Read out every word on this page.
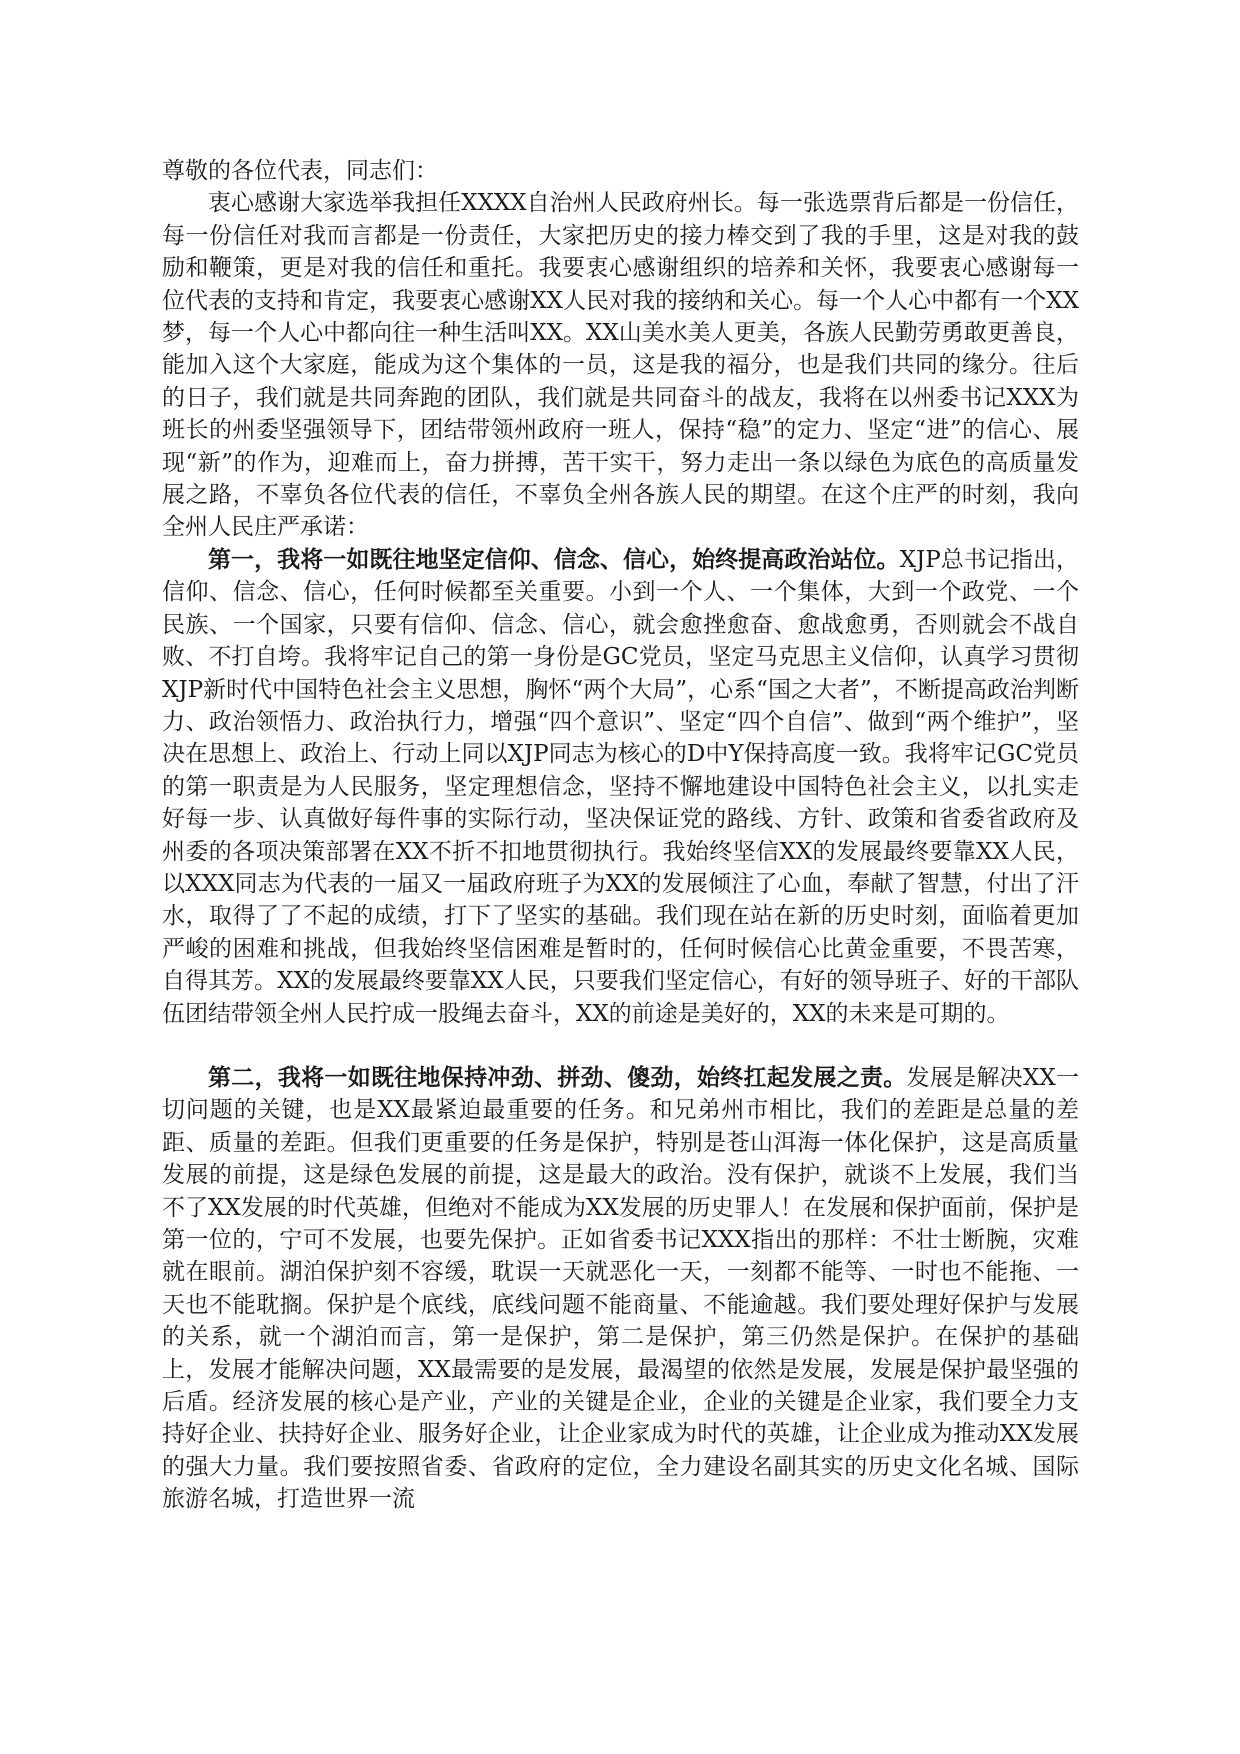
尊敬的各位代表，同志们：

衷心感谢大家选举我担任XXXX自治州人民政府州长。每一张选票背后都是一份信任，每一份信任对我而言都是一份责任，大家把历史的接力棒交到了我的手里，这是对我的鼓励和鞭策，更是对我的信任和重托。我要衷心感谢组织的培养和关怀，我要衷心感谢每一位代表的支持和肯定，我要衷心感谢XX人民对我的接纳和关心。每一个人心中都有一个XX梦，每一个人心中都向往一种生活叫XX。XX山美水美人更美，各族人民勤劳勇敢更善良，能加入这个大家庭，能成为这个集体的一员，这是我的福分，也是我们共同的缘分。往后的日子，我们就是共同奔跑的团队，我们就是共同奋斗的战友，我将在以州委书记XXX为班长的州委坚强领导下，团结带领州政府一班人，保持“稳”的定力、坚定“进”的信心、展现“新”的作为，迎难而上，奋力拼搏，苦干实干，努力走出一条以绿色为底色的高质量发展之路，不辜负各位代表的信任，不辜负全州各族人民的期望。在这个庄严的时刻，我向全州人民庄严承诺：

第一，我将一如既往地坚定信仰、信念、信心，始终提高政治站位。XJP总书记指出，信仰、信念、信心，任何时候都至关重要。小到一个人、一个集体，大到一个政党、一个民族、一个国家，只要有信仰、信念、信心，就会愈挫愈奋、愈战愈勇，否则就会不战自败、不打自垮。我将牢记自己的第一身份是GC党员，坚定马克思主义信仰，认真学习贯彻XJP新时代中国特色社会主义思想，胸怀“两个大局”，心系“国之大者”，不断提高政治判断力、政治领悟力、政治执行力，增强“四个意识”、坚定“四个自信”、做到“两个维护”，坚决在思想上、政治上、行动上同以XJP同志为核心的D中Y保持高度一致。我将牢记GC党员的第一职责是为人民服务，坚定理想信念，坚持不懈地建设中国特色社会主义，以扎实走好每一步、认真做好每件事的实际行动，坚决保证党的路线、方针、政策和省委省政府及州委的各项决策部署在XX不折不扣地贯彻执行。我始终坚信XX的发展最终要靠XX人民，以XXX同志为代表的一届又一届政府班子为XX的发展倾注了心血，奉献了智慧，付出了汗水，取得了了不起的成绩，打下了坚实的基础。我们现在站在新的历史时刻，面临着更加严峻的困难和挑战，但我始终坚信困难是暂时的，任何时候信心比黄金重要，不畏苦寒，自得其芳。XX的发展最终要靠XX人民，只要我们坚定信心，有好的领导班子、好的干部队伍团结带领全州人民拧成一股绳去奋斗，XX的前途是美好的，XX的未来是可期的。

第二，我将一如既往地保持冲劲、拼劲、傻劲，始终扛起发展之责。发展是解决XX一切问题的关键，也是XX最紧迫最重要的任务。和兄弟州市相比，我们的差距是总量的差距、质量的差距。但我们更重要的任务是保护，特别是苍山洱海一体化保护，这是高质量发展的前提，这是绿色发展的前提，这是最大的政治。没有保护，就谈不上发展，我们当不了XX发展的时代英雄，但绝对不能成为XX发展的历史罪人！在发展和保护面前，保护是第一位的，宁可不发展，也要先保护。正如省委书记XXX指出的那样：不壮士断腕，灾难就在眼前。湖泊保护刻不容缓，耽误一天就恶化一天，一刻都不能等、一时也不能拖、一天也不能耽搁。保护是个底线，底线问题不能商量、不能逾越。我们要处理好保护与发展的关系，就一个湖泊而言，第一是保护，第二是保护，第三仍然是保护。在保护的基础上，发展才能解决问题，XX最需要的是发展，最渴望的依然是发展，发展是保护最坚强的后盾。经济发展的核心是产业，产业的关键是企业，企业的关键是企业家，我们要全力支持好企业、扶持好企业、服务好企业，让企业家成为时代的英雄，让企业成为推动XX发展的强大力量。我们要按照省委、省政府的定位，全力建设名副其实的历史文化名城、国际旅游名城，打造世界一流
